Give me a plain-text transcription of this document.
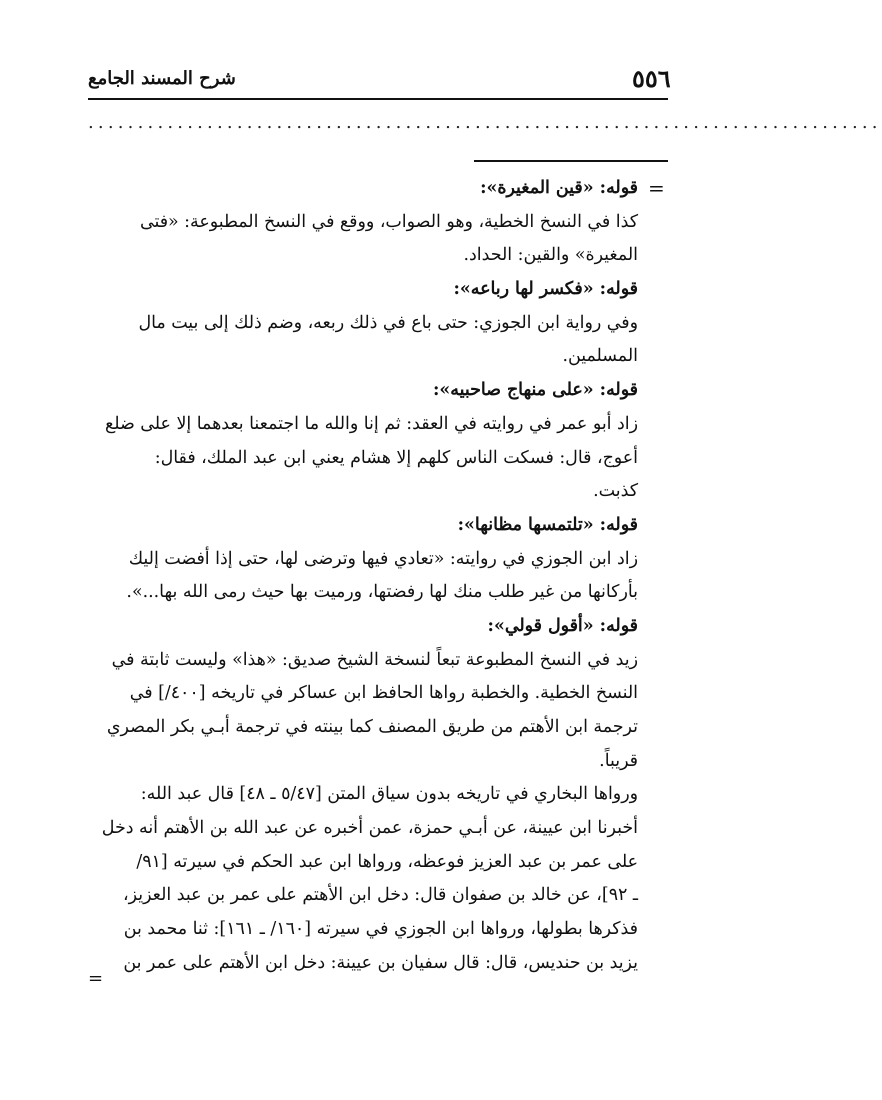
٥٥٦
شرح المسند الجامع
................................................................................
=
قوله: «قين المغيرة»:
كذا في النسخ الخطية، وهو الصواب، ووقع في النسخ المطبوعة: «فتى
المغيرة» والقين: الحداد.
قوله: «فكسر لها رباعه»:
وفي رواية ابن الجوزي: حتى باع في ذلك ربعه، وضم ذلك إلى بيت مال
المسلمين.
قوله: «على منهاج صاحبيه»:
زاد أبو عمر في روايته في العقد: ثم إنا والله ما اجتمعنا بعدهما إلا على ضلع
أعوج، قال: فسكت الناس كلهم إلا هشام يعني ابن عبد الملك، فقال:
كذبت.
قوله: «تلتمسها مظانها»:
زاد ابن الجوزي في روايته: «تعادي فيها وترضى لها، حتى إذا أفضت إليك
بأركانها من غير طلب منك لها رفضتها، ورميت بها حيث رمى الله بها...».
قوله: «أقول قولي»:
زيد في النسخ المطبوعة تبعاً لنسخة الشيخ صديق: «هذا» وليست ثابتة في
النسخ الخطية. والخطبة رواها الحافظ ابن عساكر في تاريخه [٤٠٠/] في
ترجمة ابن الأهتم من طريق المصنف كما بينته في ترجمة أبـي بكر المصري
قريباً.
ورواها البخاري في تاريخه بدون سياق المتن [٥/٤٧ ـ ٤٨] قال عبد الله:
أخبرنا ابن عيينة، عن أبـي حمزة، عمن أخبره عن عبد الله بن الأهتم أنه دخل
على عمر بن عبد العزيز فوعظه، ورواها ابن عبد الحكم في سيرته [٩١/
ـ ٩٢]، عن خالد بن صفوان قال: دخل ابن الأهتم على عمر بن عبد العزيز،
فذكرها بطولها، ورواها ابن الجوزي في سيرته [١٦٠/ ـ ١٦١]: ثنا محمد بن
يزيد بن حنديس، قال: قال سفيان بن عيينة: دخل ابن الأهتم على عمر بن
=
